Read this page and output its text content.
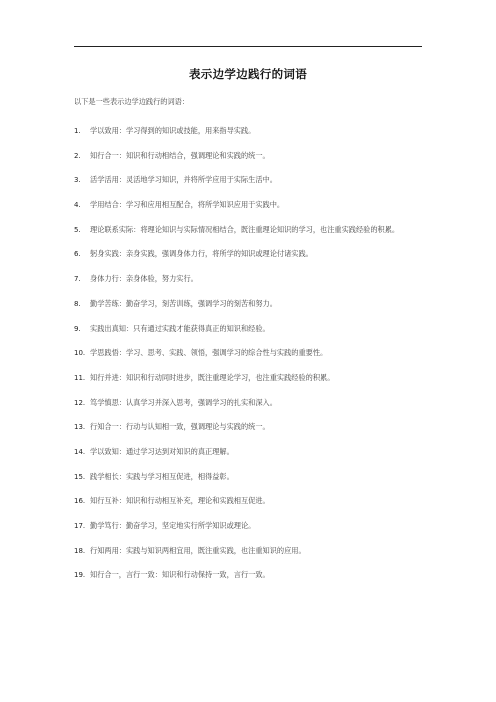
表示边学边践行的词语
以下是一些表示边学边践行的词语：
1. 学以致用：学习得到的知识或技能，用来指导实践。
2. 知行合一：知识和行动相结合，强调理论和实践的统一。
3. 活学活用：灵活地学习知识，并将所学应用于实际生活中。
4. 学用结合：学习和应用相互配合，将所学知识应用于实践中。
5. 理论联系实际：将理论知识与实际情况相结合，既注重理论知识的学习，也注重实践经验的积累。
6. 躬身实践：亲身实践，强调身体力行，将所学的知识或理论付诸实践。
7. 身体力行：亲身体验，努力实行。
8. 勤学苦练：勤奋学习，刻苦训练，强调学习的刻苦和努力。
9. 实践出真知：只有通过实践才能获得真正的知识和经验。
10. 学思践悟：学习、思考、实践、领悟，强调学习的综合性与实践的重要性。
11. 知行并进：知识和行动同时进步，既注重理论学习，也注重实践经验的积累。
12. 笃学慎思：认真学习并深入思考，强调学习的扎实和深入。
13. 行知合一：行动与认知相一致，强调理论与实践的统一。
14. 学以致知：通过学习达到对知识的真正理解。
15. 践学相长：实践与学习相互促进，相得益彰。
16. 知行互补：知识和行动相互补充，理论和实践相互促进。
17. 勤学笃行：勤奋学习，坚定地实行所学知识或理论。
18. 行知两用：实践与知识两相宜用，既注重实践，也注重知识的应用。
19. 知行合一，言行一致：知识和行动保持一致，言行一致。
